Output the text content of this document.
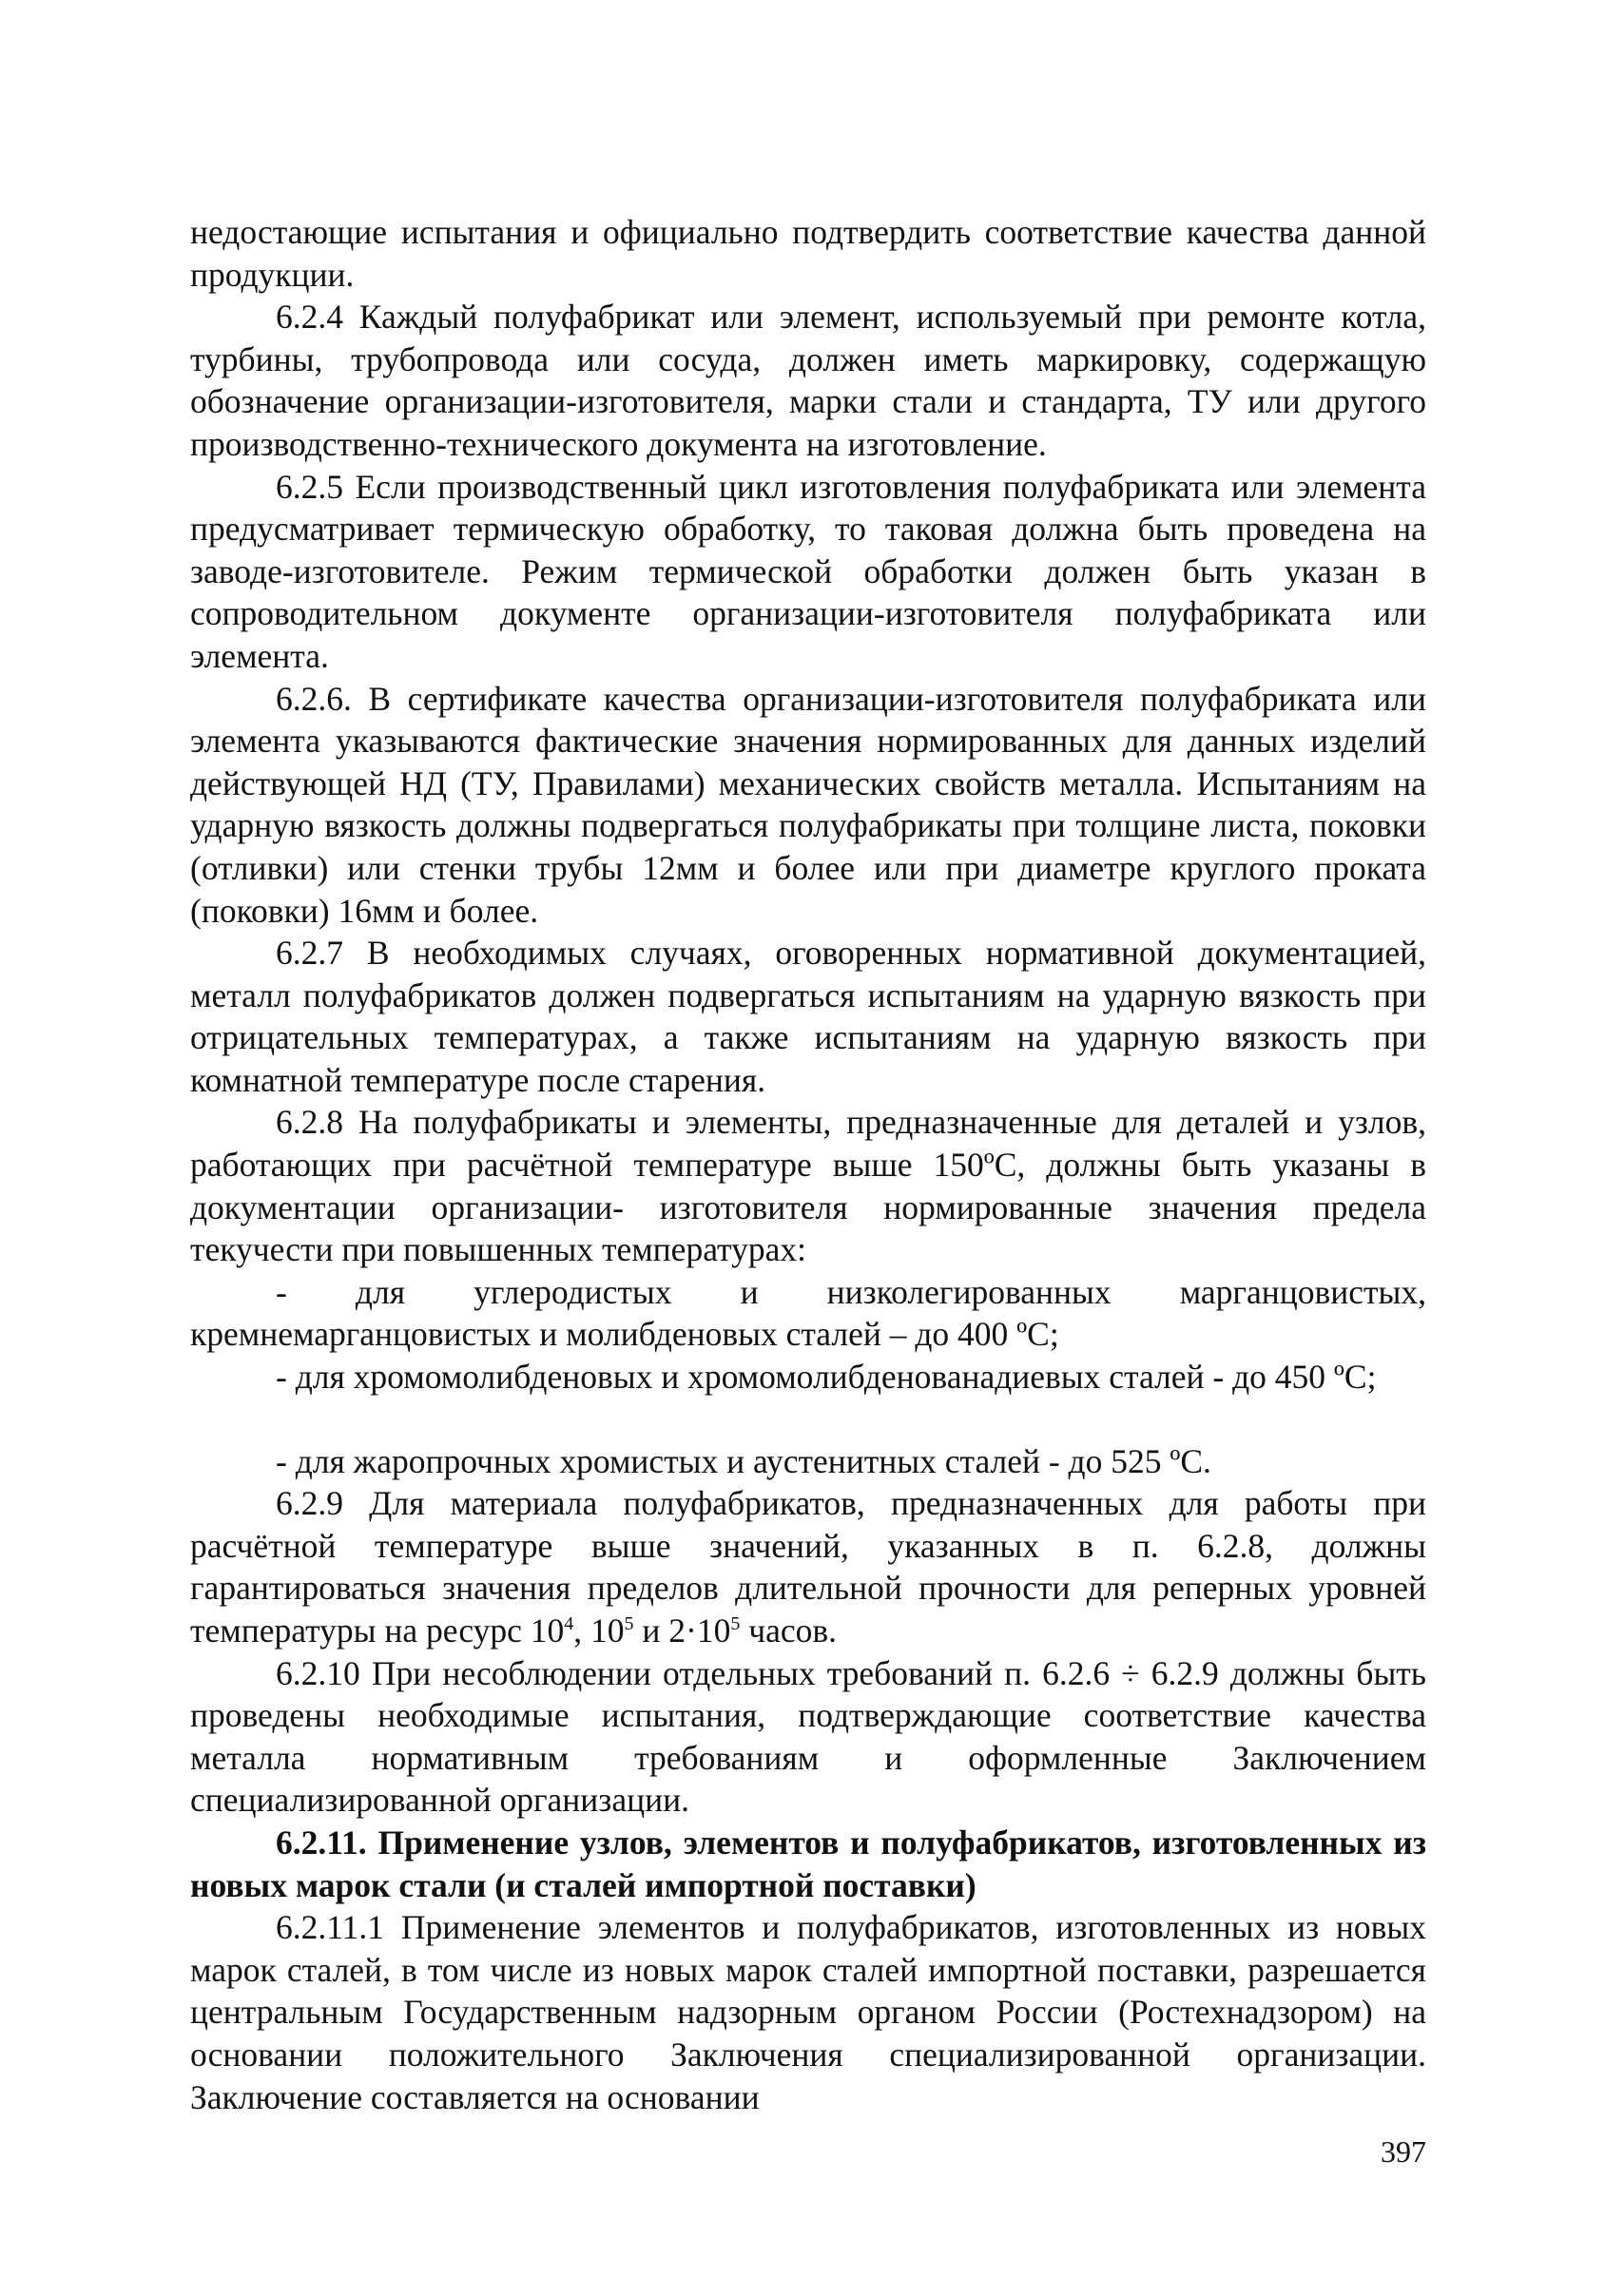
недостающие испытания и официально подтвердить соответствие качества данной продукции.

6.2.4 Каждый полуфабрикат или элемент, используемый при ремонте котла, турбины, трубопровода или сосуда, должен иметь маркировку, содержащую обозначение организации-изготовителя, марки стали и стандарта, ТУ или другого производственно-технического документа на изготовление.

6.2.5 Если производственный цикл изготовления полуфабриката или элемента предусматривает термическую обработку, то таковая должна быть проведена на заводе-изготовителе. Режим термической обработки должен быть указан в сопроводительном документе организации-изготовителя полуфабриката или элемента.

6.2.6. В сертификате качества организации-изготовителя полуфабриката или элемента указываются фактические значения нормированных для данных изделий действующей НД (ТУ, Правилами) механических свойств металла. Испытаниям на ударную вязкость должны подвергаться полуфабрикаты при толщине листа, поковки (отливки) или стенки трубы 12мм и более или при диаметре круглого проката (поковки) 16мм и более.

6.2.7 В необходимых случаях, оговоренных нормативной документацией, металл полуфабрикатов должен подвергаться испытаниям на ударную вязкость при отрицательных температурах, а также испытаниям на ударную вязкость при комнатной температуре после старения.

6.2.8 На полуфабрикаты и элементы, предназначенные для деталей и узлов, работающих при расчётной температуре выше 150ºС, должны быть указаны в документации организации- изготовителя нормированные значения предела текучести при повышенных температурах:

- для углеродистых и низколегированных марганцовистых, кремнемарганцовистых и молибденовых сталей – до 400 ºС;

- для хромомолибденовых и хромомолибденованадиевых сталей - до 450 ºС;

- для жаропрочных хромистых и аустенитных сталей - до 525 ºС.

6.2.9 Для материала полуфабрикатов, предназначенных для работы при расчётной температуре выше значений, указанных в п. 6.2.8, должны гарантироваться значения пределов длительной прочности для реперных уровней температуры на ресурс $10^4$, $10^5$ и $2\cdot 10^5$ часов.

6.2.10 При несоблюдении отдельных требований п. 6.2.6 ÷ 6.2.9 должны быть проведены необходимые испытания, подтверждающие соответствие качества металла нормативным требованиям и оформленные Заключением специализированной организации.

6.2.11. Применение узлов, элементов и полуфабрикатов, изготовленных из новых марок стали (и сталей импортной поставки)

6.2.11.1 Применение элементов и полуфабрикатов, изготовленных из новых марок сталей, в том числе из новых марок сталей импортной поставки, разрешается центральным Государственным надзорным органом России (Ростехнадзором) на основании положительного Заключения специализированной организации. Заключение составляется на основании

397
